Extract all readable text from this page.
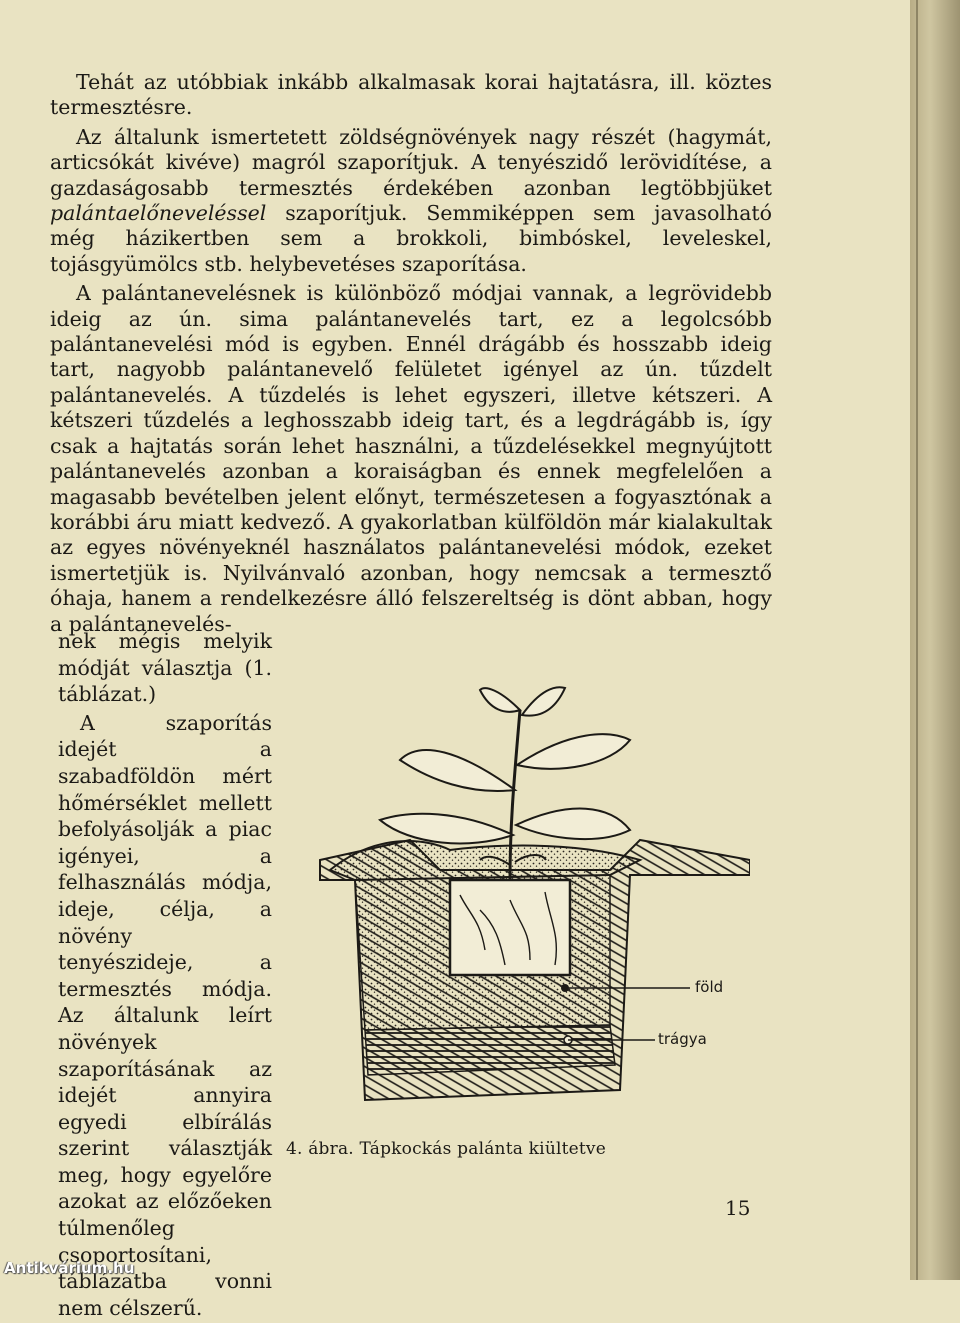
Tehát az utóbbiak inkább alkalmasak korai hajtatásra, ill. köztes termesztésre.

Az általunk ismertetett zöldségnövények nagy részét (hagymát, articsókát kivéve) magról szaporítjuk. A tenyészidő lerövidítése, a gazdaságosabb termesztés érdekében azonban legtöbbjüket palántaelőneveléssel szaporítjuk. Semmiképpen sem javasolható még házikertben sem a brokkoli, bimbóskel, leveleskel, tojásgyümölcs stb. helybevetéses szaporítása.

A palántanevelésnek is különböző módjai vannak, a legrövidebb ideig az ún. sima palántanevelés tart, ez a legolcsóbb palántanevelési mód is egyben. Ennél drágább és hosszabb ideig tart, nagyobb palántanevelő felületet igényel az ún. tűzdelt palántanevelés. A tűzdelés is lehet egyszeri, illetve kétszeri. A kétszeri tűzdelés a leghosszabb ideig tart, és a legdrágább is, így csak a hajtatás során lehet használni, a tűzdelésekkel megnyújtott palántanevelés azonban a koraiságban és ennek megfelelően a magasabb bevételben jelent előnyt, természetesen a fogyasztónak a korábbi áru miatt kedvező. A gyakorlatban külföldön már kialakultak az egyes növényeknél használatos palántanevelési módok, ezeket ismertetjük is. Nyilvánvaló azonban, hogy nemcsak a termesztő óhaja, hanem a rendelkezésre álló felszereltség is dönt abban, hogy a palántanevelés-

nek mégis melyik módját választja (1. táblázat.)

A szaporítás idejét a szabadföldön mért hőmérséklet mellett befolyásolják a piac igényei, a felhasználás módja, ideje, célja, a növény tenyészideje, a termesztés módja. Az általunk leírt növények szaporításának az idejét annyira egyedi elbírálás szerint választják meg, hogy egyelőre azokat az előzőeken túlmenőleg csoportosítani, táblázatba vonni nem célszerű.

föld
trágya
4. ábra. Tápkockás palánta kiültetve
15
Antikvárium.hu
